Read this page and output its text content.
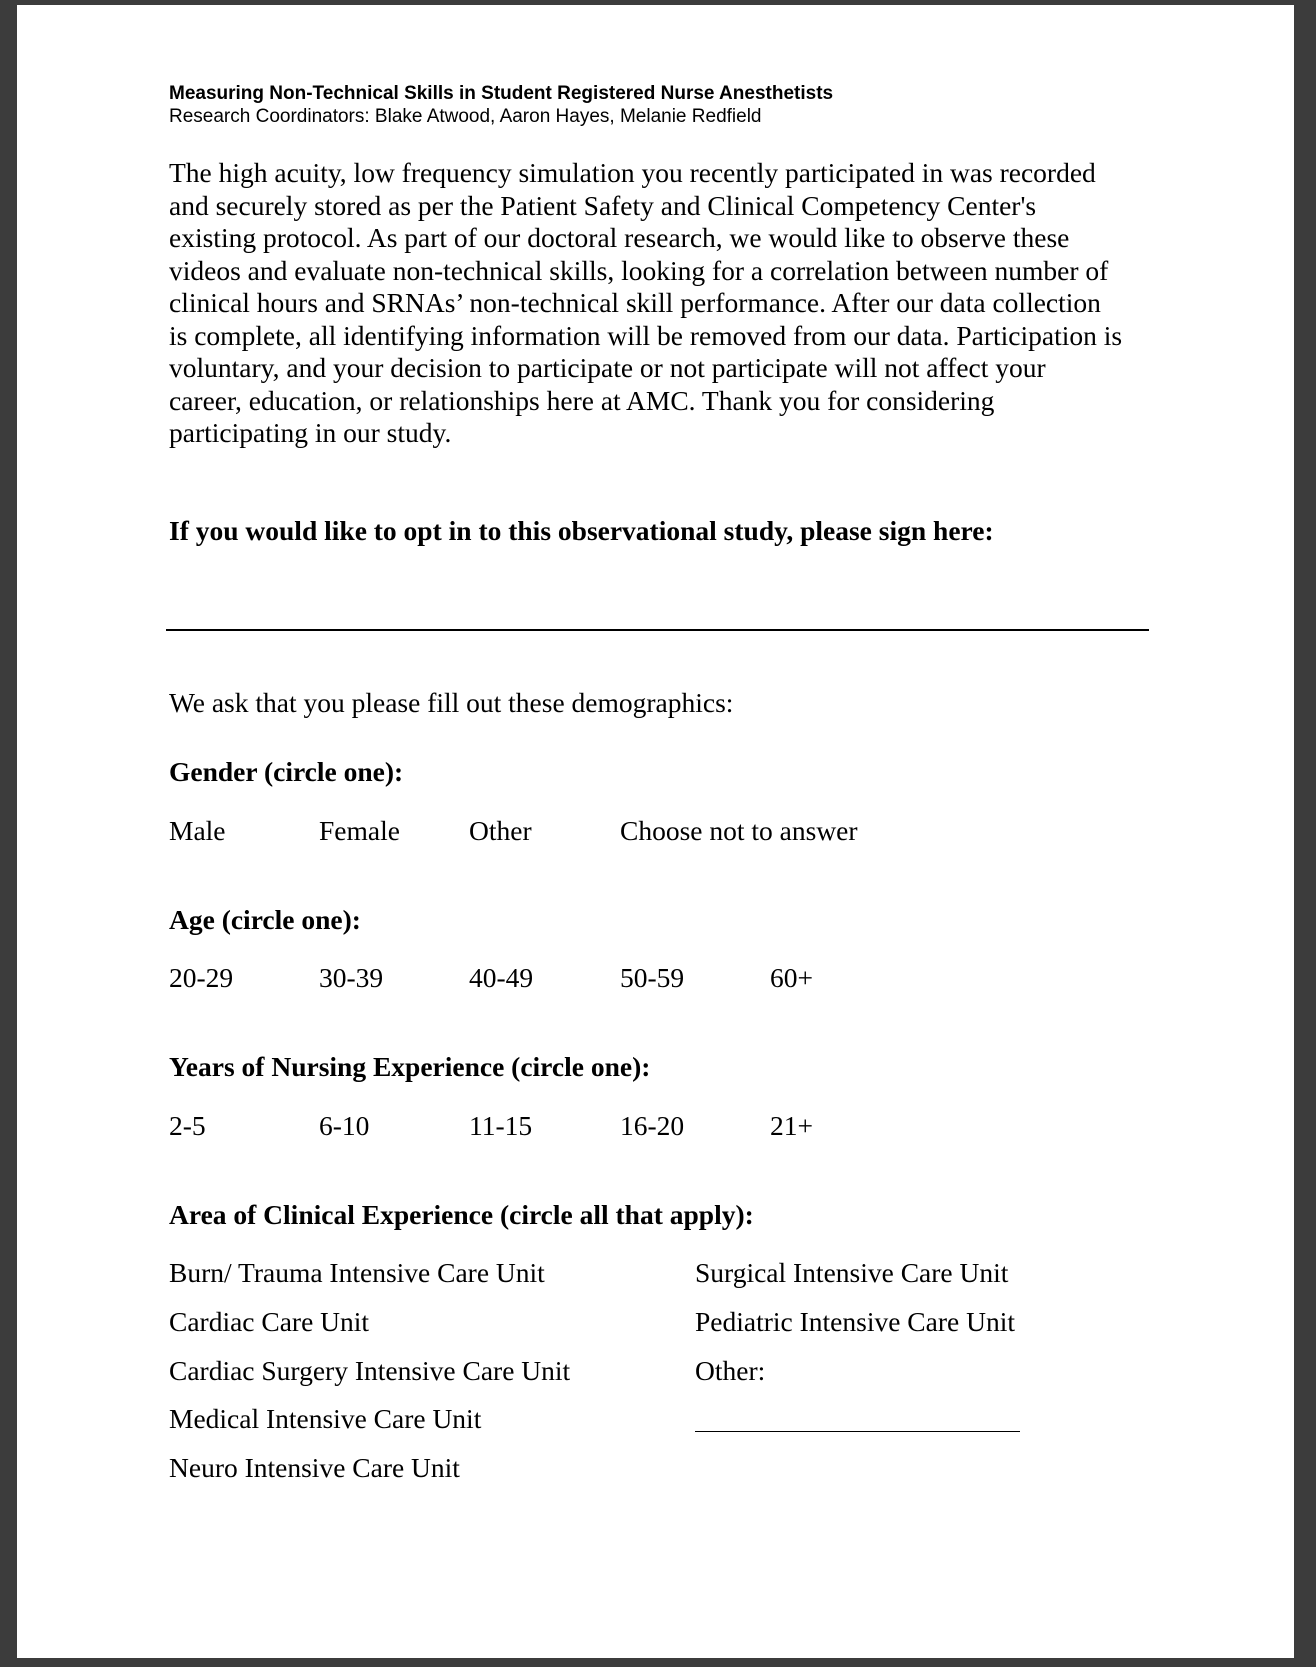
Measuring Non-Technical Skills in Student Registered Nurse Anesthetists
Research Coordinators: Blake Atwood, Aaron Hayes, Melanie Redfield
The high acuity, low frequency simulation you recently participated in was recorded
and securely stored as per the Patient Safety and Clinical Competency Center's
existing protocol. As part of our doctoral research, we would like to observe these
videos and evaluate non-technical skills, looking for a correlation between number of
clinical hours and SRNAs’ non-technical skill performance. After our data collection
is complete, all identifying information will be removed from our data. Participation is
voluntary, and your decision to participate or not participate will not affect your
career, education, or relationships here at AMC. Thank you for considering
participating in our study.
If you would like to opt in to this observational study, please sign here:
We ask that you please fill out these demographics:
Gender (circle one):
Male	Female	Other	Choose not to answer
Age (circle one):
20-29	30-39	40-49	50-59	60+
Years of Nursing Experience (circle one):
2-5	6-10	11-15	16-20	21+
Area of Clinical Experience (circle all that apply):
Burn/ Trauma Intensive Care Unit
Cardiac Care Unit
Cardiac Surgery Intensive Care Unit
Medical Intensive Care Unit
Neuro Intensive Care Unit
Surgical Intensive Care Unit
Pediatric Intensive Care Unit
Other:
